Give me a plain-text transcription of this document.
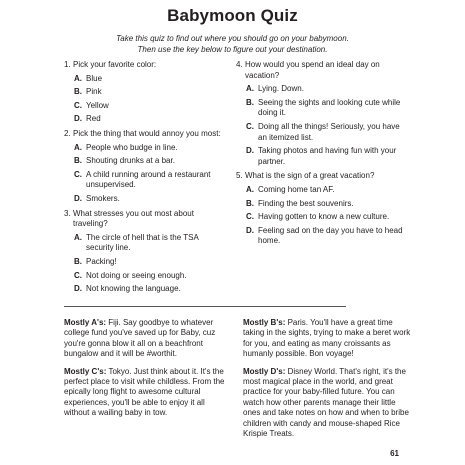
Babymoon Quiz
Take this quiz to find out where you should go on your babymoon.
Then use the key below to figure out your destination.
1. Pick your favorite color:
A. Blue
B. Pink
C. Yellow
D. Red
2. Pick the thing that would annoy you most:
A. People who budge in line.
B. Shouting drunks at a bar.
C. A child running around a restaurant unsupervised.
D. Smokers.
3. What stresses you out most about traveling?
A. The circle of hell that is the TSA security line.
B. Packing!
C. Not doing or seeing enough.
D. Not knowing the language.
4. How would you spend an ideal day on vacation?
A. Lying. Down.
B. Seeing the sights and looking cute while doing it.
C. Doing all the things! Seriously, you have an itemized list.
D. Taking photos and having fun with your partner.
5. What is the sign of a great vacation?
A. Coming home tan AF.
B. Finding the best souvenirs.
C. Having gotten to know a new culture.
D. Feeling sad on the day you have to head home.

Mostly A's: Fiji. Say goodbye to whatever college fund you've saved up for Baby, cuz you're gonna blow it all on a beachfront bungalow and it will be #worthit.

Mostly C's: Tokyo. Just think about it. It's the perfect place to visit while childless. From the epically long flight to awesome cultural experiences, you'll be able to enjoy it all without a wailing baby in tow.

Mostly B's: Paris. You'll have a great time taking in the sights, trying to make a beret work for you, and eating as many croissants as humanly possible. Bon voyage!

Mostly D's: Disney World. That's right, it's the most magical place in the world, and great practice for your baby-filled future. You can watch how other parents manage their little ones and take notes on how and when to bribe children with candy and mouse-shaped Rice Krispie Treats.

61
